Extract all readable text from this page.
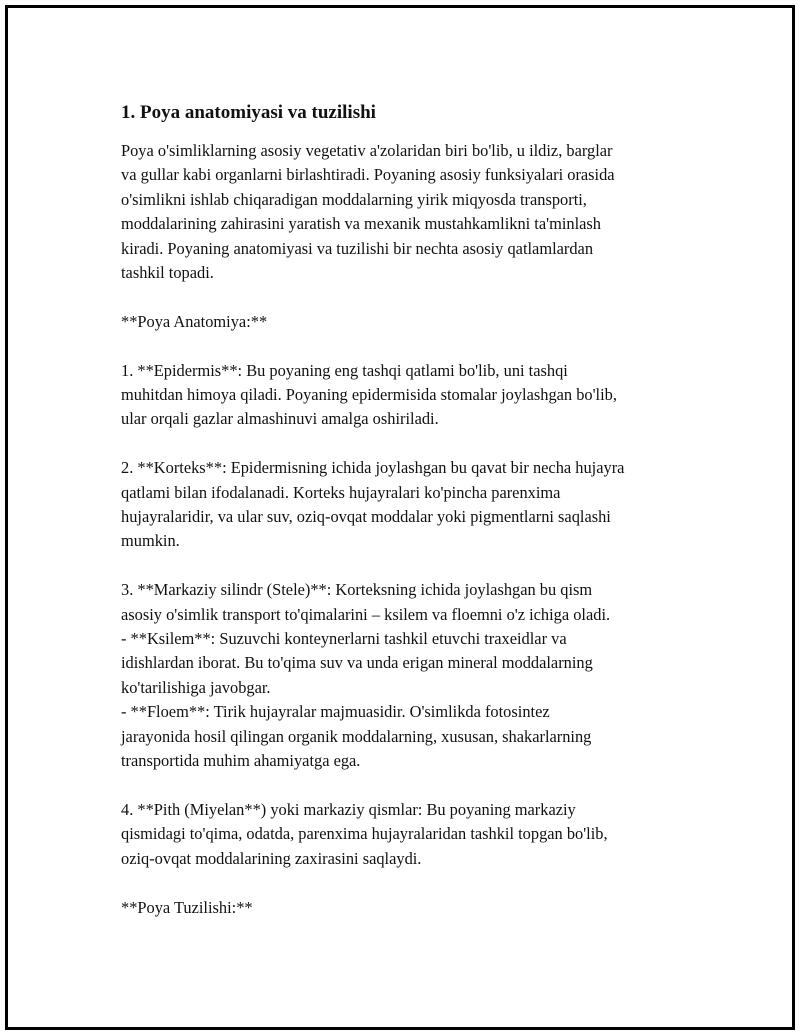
1. Poya anatomiyasi va tuzilishi

Poya o'simliklarning asosiy vegetativ a'zolaridan biri bo'lib, u ildiz, barglar
va gullar kabi organlarni birlashtiradi. Poyaning asosiy funksiyalari orasida
o'simlikni ishlab chiqaradigan moddalarning yirik miqyosda transporti,
moddalarining zahirasini yaratish va mexanik mustahkamlikni ta'minlash
kiradi. Poyaning anatomiyasi va tuzilishi bir nechta asosiy qatlamlardan
tashkil topadi.

**Poya Anatomiya:**

1. **Epidermis**: Bu poyaning eng tashqi qatlami bo'lib, uni tashqi
muhitdan himoya qiladi. Poyaning epidermisida stomalar joylashgan bo'lib,
ular orqali gazlar almashinuvi amalga oshiriladi.

2. **Korteks**: Epidermisning ichida joylashgan bu qavat bir necha hujayra
qatlami bilan ifodalanadi. Korteks hujayralari ko'pincha parenxima
hujayralaridir, va ular suv, oziq-ovqat moddalar yoki pigmentlarni saqlashi
mumkin.

3. **Markaziy silindr (Stele)**: Korteksning ichida joylashgan bu qism
asosiy o'simlik transport to'qimalarini – ksilem va floemni o'z ichiga oladi.
- **Ksilem**: Suzuvchi konteynerlarni tashkil etuvchi traxeidlar va
idishlardan iborat. Bu to'qima suv va unda erigan mineral moddalarning
ko'tarilishiga javobgar.
- **Floem**: Tirik hujayralar majmuasidir. O'simlikda fotosintez
jarayonida hosil qilingan organik moddalarning, xususan, shakarlarning
transportida muhim ahamiyatga ega.

4. **Pith (Miyelan**) yoki markaziy qismlar: Bu poyaning markaziy
qismidagi to'qima, odatda, parenxima hujayralaridan tashkil topgan bo'lib,
oziq-ovqat moddalarining zaxirasini saqlaydi.

**Poya Tuzilishi:**
